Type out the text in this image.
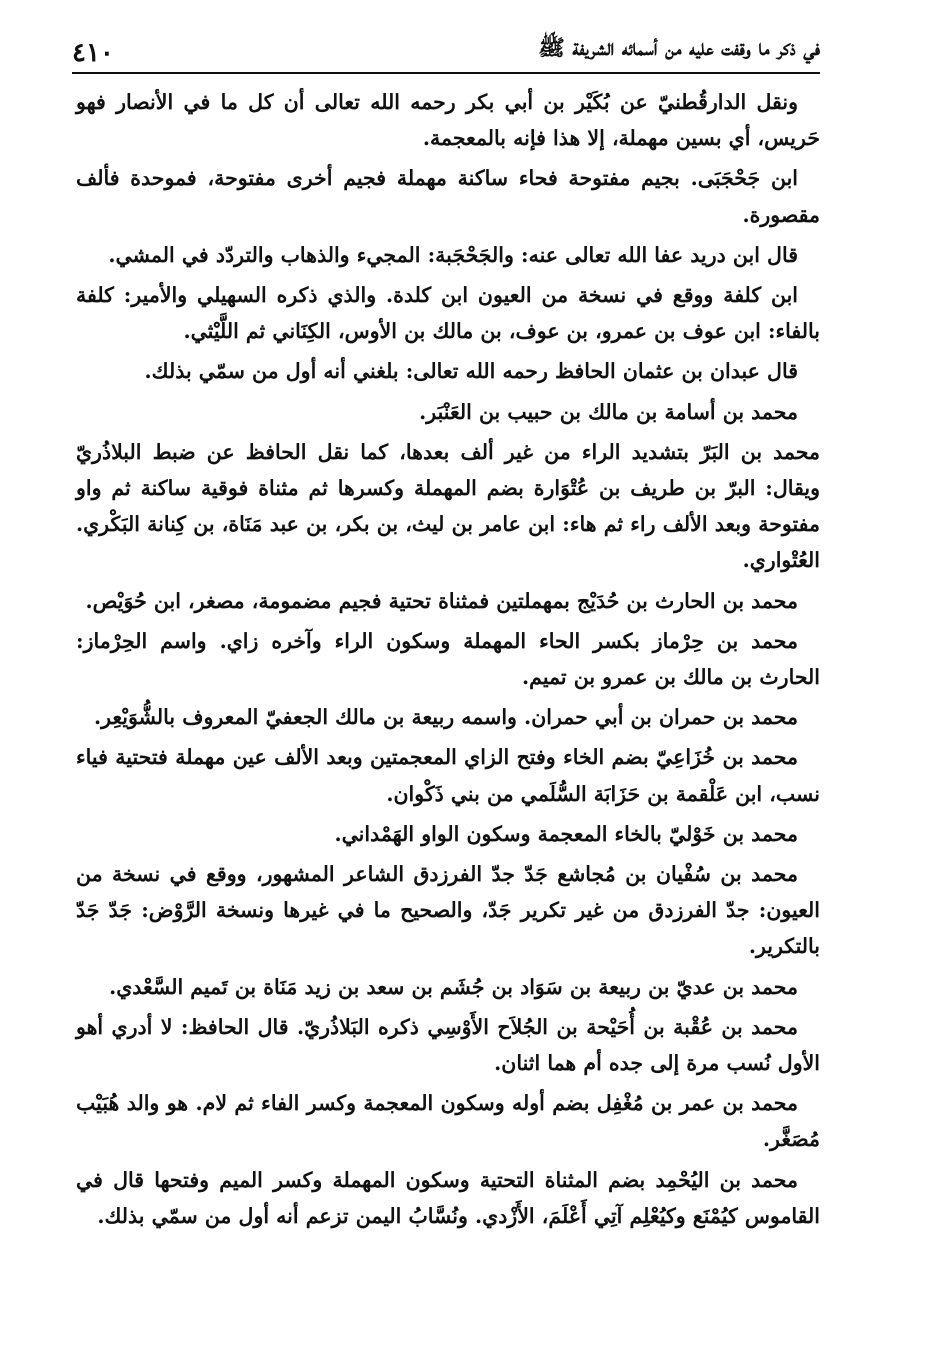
في ذكر ما وقفت عليه من أسمائه الشريفة ﷺ
٤١٠

ونقل الدارقُطنيّ عن بُكَيْر بن أبي بكر رحمه الله تعالى أن كل ما في الأنصار فهو حَريس، أي بسين مهملة، إلا هذا فإنه بالمعجمة.

ابن جَحْجَبَى. بجيم مفتوحة فحاء ساكنة مهملة فجيم أخرى مفتوحة، فموحدة فألف مقصورة.

قال ابن دريد عفا الله تعالى عنه: والجَحْجَبة: المجيء والذهاب والتردّد في المشي.

ابن كلفة ووقع في نسخة من العيون ابن كلدة. والذي ذكره السهيلي والأمير: كلفة بالفاء: ابن عوف بن عمرو، بن عوف، بن مالك بن الأوس، الكِنَاني ثم اللَّيْثي.

قال عبدان بن عثمان الحافظ رحمه الله تعالى: بلغني أنه أول من سمّي بذلك.

محمد بن أسامة بن مالك بن حبيب بن العَنْبَر.

محمد بن البَرّ بتشديد الراء من غير ألف بعدها، كما نقل الحافظ عن ضبط البلاذُريّ ويقال: البرّ بن طريف بن عُتْوَارة بضم المهملة وكسرها ثم مثناة فوقية ساكنة ثم واو مفتوحة وبعد الألف راء ثم هاء: ابن عامر بن ليث، بن بكر، بن عبد مَنَاة، بن كِنانة البَكْري. العُتْواري.

محمد بن الحارث بن حُدَيْج بمهملتين فمثناة تحتية فجيم مضمومة، مصغر، ابن حُوَيْص.

محمد بن حِرْماز بكسر الحاء المهملة وسكون الراء وآخره زاي. واسم الحِرْماز: الحارث بن مالك بن عمرو بن تميم.

محمد بن حمران بن أبي حمران. واسمه ربيعة بن مالك الجعفيّ المعروف بالشُّوَيْعِر.

محمد بن خُزَاعِيّ بضم الخاء وفتح الزاي المعجمتين وبعد الألف عين مهملة فتحتية فياء نسب، ابن عَلْقمة بن حَزَابَة السُّلَمي من بني ذَكْوان.

محمد بن خَوْليّ بالخاء المعجمة وسكون الواو الهَمْداني.

محمد بن سُفْيان بن مُجاشع جَدّ جدّ الفرزدق الشاعر المشهور، ووقع في نسخة من العيون: جدّ الفرزدق من غير تكرير جَدّ، والصحيح ما في غيرها ونسخة الرَّوْض: جَدّ جَدّ بالتكرير.

محمد بن عديّ بن ربيعة بن سَوَاد بن جُشَم بن سعد بن زيد مَنَاة بن تَميم السَّعْدي.

محمد بن عُقْبة بن أُحَيْحة بن الجُلاَح الأَوْسِي ذكره البَلاذُريّ. قال الحافظ: لا أدري أهو الأول نُسب مرة إلى جده أم هما اثنان.

محمد بن عمر بن مُغْفِل بضم أوله وسكون المعجمة وكسر الفاء ثم لام. هو والد هُبَيْب مُصَغَّر.

محمد بن اليُحْمِد بضم المثناة التحتية وسكون المهملة وكسر الميم وفتحها قال في القاموس كيُمْنَع وكيُعْلِم آتِي أَعْلَمَ، الأَزْدي. ونُسَّابُ اليمن تزعم أنه أول من سمّي بذلك.
